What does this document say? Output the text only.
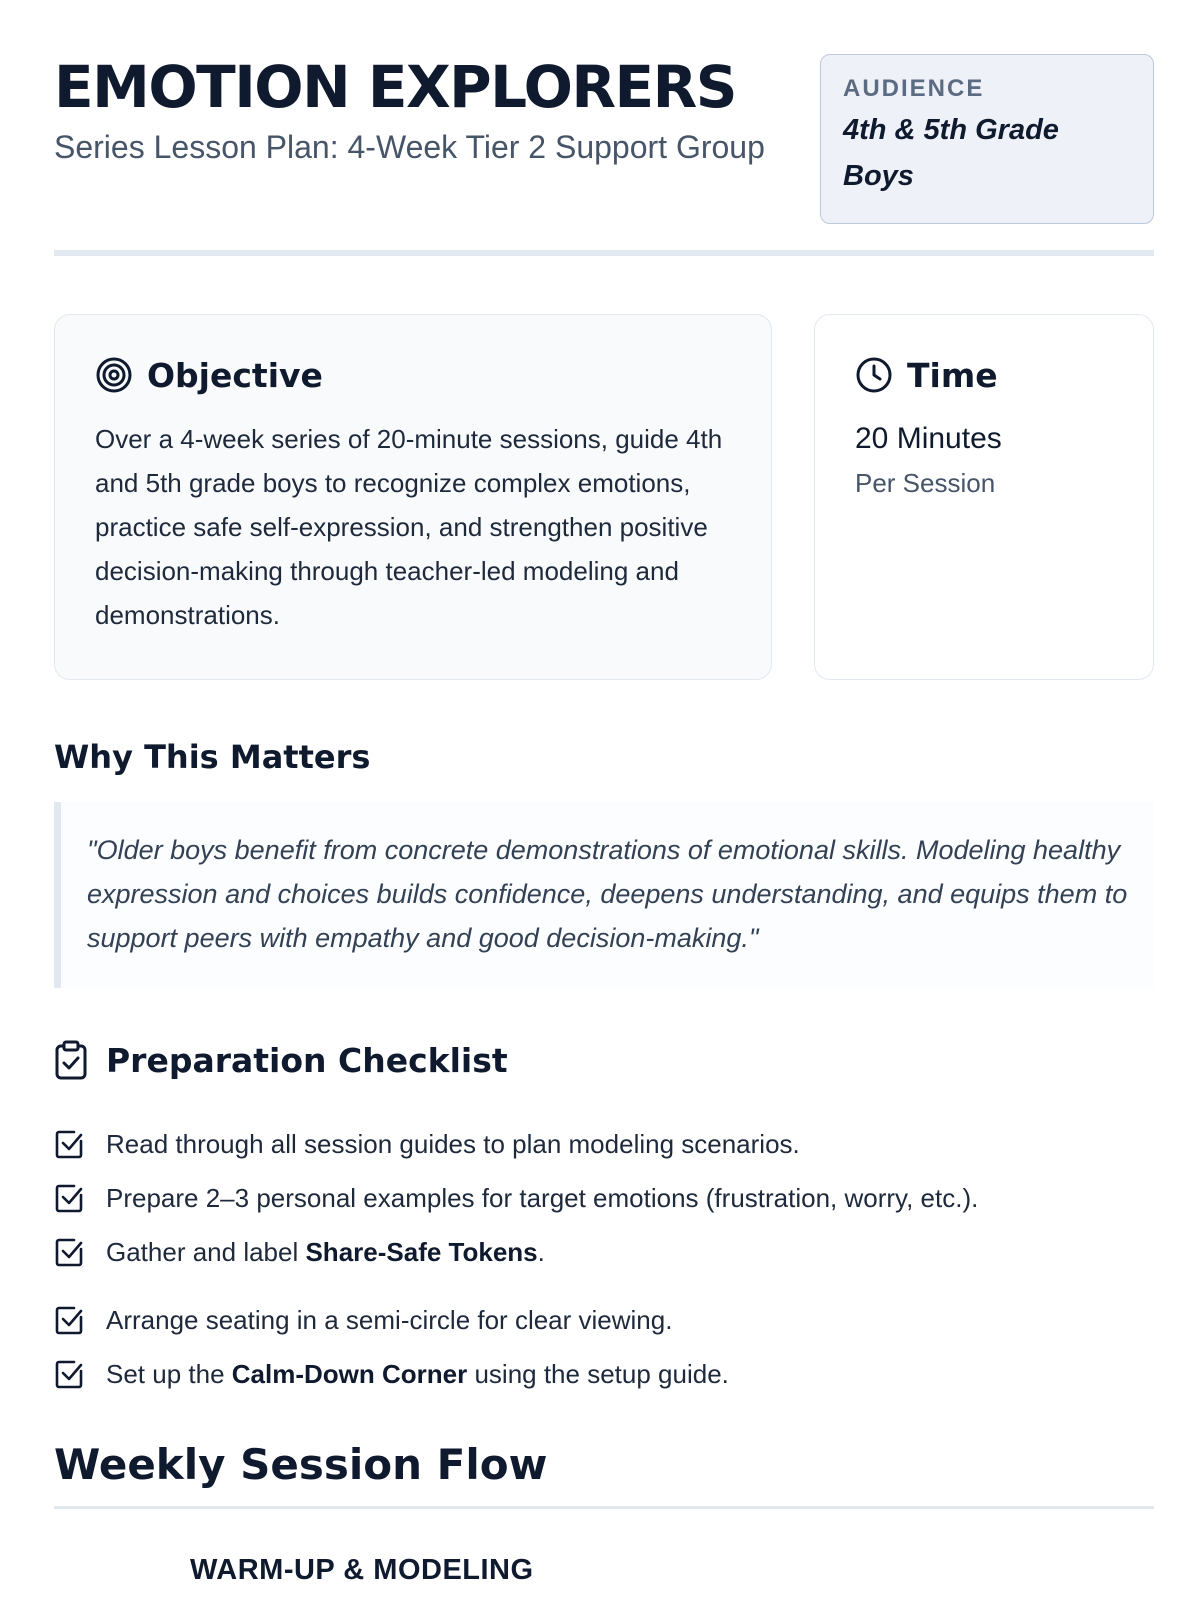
EMOTION EXPLORERS
Series Lesson Plan: 4-Week Tier 2 Support Group
AUDIENCE
4th & 5th Grade Boys
Objective

Over a 4-week series of 20-minute sessions, guide 4th and 5th grade boys to recognize complex emotions, practice safe self-expression, and strengthen positive decision-making through teacher-led modeling and demonstrations.

Time
20 Minutes
Per Session
Why This Matters
"Older boys benefit from concrete demonstrations of emotional skills. Modeling healthy expression and choices builds confidence, deepens understanding, and equips them to support peers with empathy and good decision-making."
Preparation Checklist
Read through all session guides to plan modeling scenarios.
Prepare 2–3 personal examples for target emotions (frustration, worry, etc.).
Gather and label Share-Safe Tokens.
Arrange seating in a semi-circle for clear viewing.
Set up the Calm-Down Corner using the setup guide.
Weekly Session Flow
WARM-UP & MODELING
